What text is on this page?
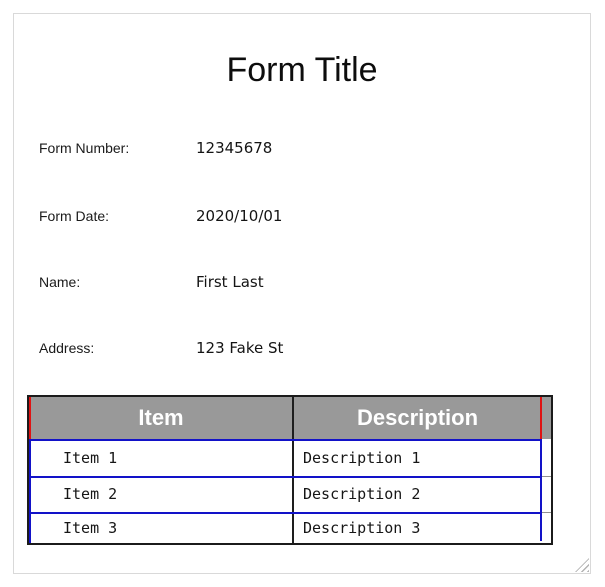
Form Title
Form Number:	12345678
Form Date:	2020/10/01
Name:	First Last
Address:	123 Fake St
Item	Description
Item 1	Description 1
Item 2	Description 2
Item 3	Description 3
